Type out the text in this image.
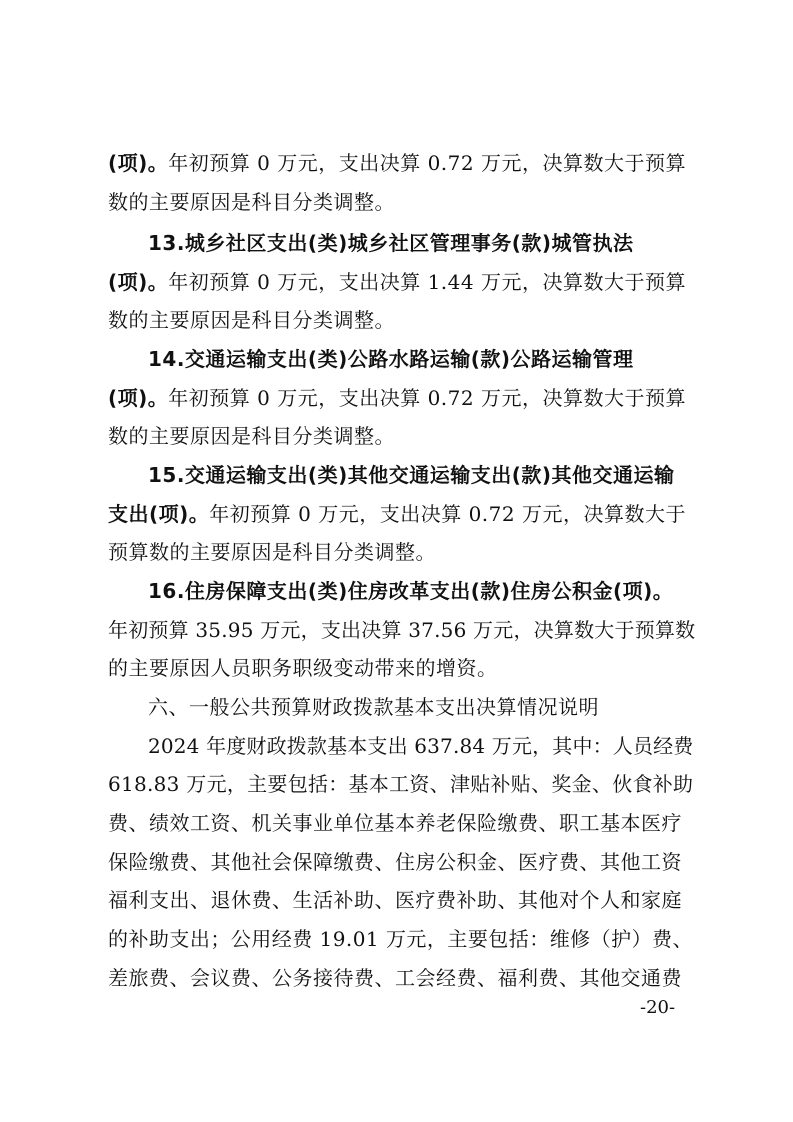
(项)。年初预算 0 万元，支出决算 0.72 万元，决算数大于预算
数的主要原因是科目分类调整。
13.城乡社区支出(类)城乡社区管理事务(款)城管执法
(项)。年初预算 0 万元，支出决算 1.44 万元，决算数大于预算
数的主要原因是科目分类调整。
14.交通运输支出(类)公路水路运输(款)公路运输管理
(项)。年初预算 0 万元，支出决算 0.72 万元，决算数大于预算
数的主要原因是科目分类调整。
15.交通运输支出(类)其他交通运输支出(款)其他交通运输
支出(项)。年初预算 0 万元，支出决算 0.72 万元，决算数大于
预算数的主要原因是科目分类调整。
16.住房保障支出(类)住房改革支出(款)住房公积金(项)。
年初预算 35.95 万元，支出决算 37.56 万元，决算数大于预算数
的主要原因人员职务职级变动带来的增资。
六、一般公共预算财政拨款基本支出决算情况说明
2024 年度财政拨款基本支出 637.84 万元，其中：人员经费
618.83 万元，主要包括：基本工资、津贴补贴、奖金、伙食补助
费、绩效工资、机关事业单位基本养老保险缴费、职工基本医疗
保险缴费、其他社会保障缴费、住房公积金、医疗费、其他工资
福利支出、退休费、生活补助、医疗费补助、其他对个人和家庭
的补助支出；公用经费 19.01 万元，主要包括：维修（护）费、
差旅费、会议费、公务接待费、工会经费、福利费、其他交通费
-20-
